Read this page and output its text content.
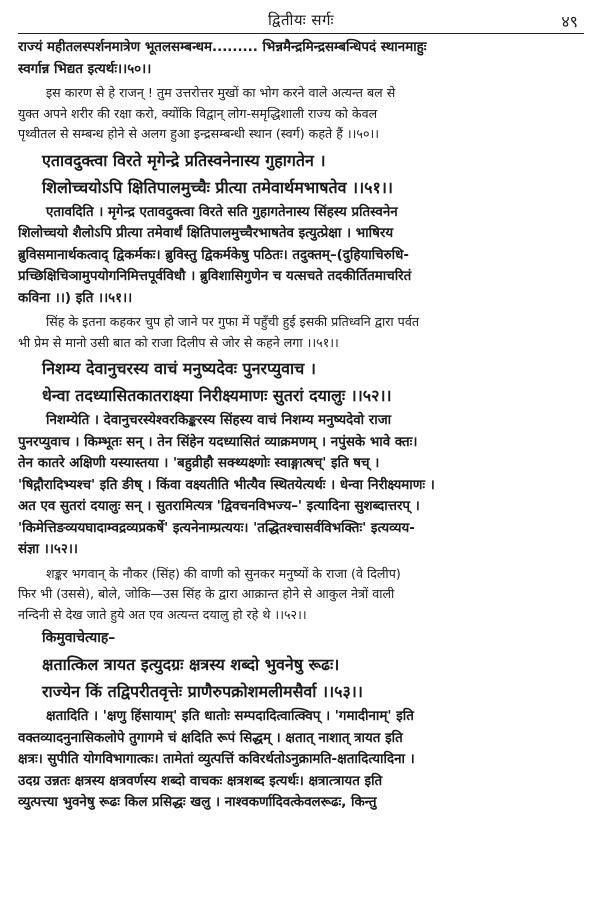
द्वितीयः सर्गः	४९
राज्यं महीतलस्पर्शनमात्रेण भूतलसम्बन्धम......... भिन्नमैन्द्रमिन्द्रसम्बन्धिपदं स्थानमाहुः
स्वर्गान्न भिद्यत इत्यर्थः।।५०।।
इस कारण से हे राजन् ! तुम उत्तरोत्तर मुखों का भोग करने वाले अत्यन्त बल से
युक्त अपने शरीर की रक्षा करो, क्योंकि विद्वान् लोग-समृद्धिशाली राज्य को केवल
पृथ्वीतल से सम्बन्ध होने से अलग हुआ इन्द्रसम्बन्धी स्थान (स्वर्ग) कहते हैं ।।५०।।
एतावदुक्त्वा विरते मृगेन्द्रे प्रतिस्वनेनास्य गुहागतेन ।
शिलोच्चयोऽपि क्षितिपालमुच्चैः प्रीत्या तमेवार्थमभाषतेव ।।५१।।
एतावदिति । मृगेन्द्र एतावदुक्त्वा विरते सति गुहागतेनास्य सिंहस्य प्रतिस्वनेन
शिलोच्चयो शैलोऽपि प्रीत्या तमेवार्थं क्षितिपालमुच्चैरभाषतेव इत्युत्प्रेक्षा । भाषिरय
ब्रुविसमानार्थकत्वाद् द्विकर्मकः। ब्रुविस्तु द्विकर्मकेषु पठितः। तदुक्तम्–(दुहियाचिरुधि-
प्रच्छिक्षिचिञामुपयोगनिमित्तपूर्वविधौ । ब्रुविशासिगुणेन च यत्सचते तदकीर्तितमाचरितं
कविना ।।) इति ।।५१।।
सिंह के इतना कहकर चुप हो जाने पर गुफा में पहुँची हुई इसकी प्रतिध्वनि द्वारा पर्वत
भी प्रेम से मानो उसी बात को राजा दिलीप से जोर से कहने लगा ।।५१।।
निशम्य देवानुचरस्य वाचं मनुष्यदेवः पुनरप्युवाच ।
धेन्वा तदध्यासितकातराक्ष्या निरीक्ष्यमाणः सुतरां दयालुः ।।५२।।
निशम्येति । देवानुचरस्येश्वरकिङ्करस्य सिंहस्य वाचं निशम्य मनुष्यदेवो राजा
पुनरप्युवाच । किम्भूतः सन् । तेन सिंहेन यदध्यासितं व्याक्रमणम् । नपुंसके भावे क्तः।
तेन कातरे अक्षिणी यस्यास्तया । 'बहुव्रीहौ सक्थ्यक्ष्णोः स्वाङ्गात्षच्' इति षच् ।
'षिद्गौरादिभ्यश्च' इति ङीष् । किंवा वक्ष्यतीति भीत्यैव स्थितयेत्यर्थः । धेन्वा निरीक्ष्यमाणः ।
अत एव सुतरां दयालुः सन् । सुतरामित्यत्र 'द्विवचनविभज्य–' इत्यादिना सुशब्दात्तरप् ।
'किमेत्तिङव्ययघादाम्वद्रव्यप्रकर्षे' इत्यनेनाम्प्रत्ययः। 'तद्धितश्चासर्वविभक्तिः' इत्यव्यय-
संज्ञा ।।५२।।
शङ्कर भगवान् के नौकर (सिंह) की वाणी को सुनकर मनुष्यों के राजा (वे दिलीप)
फिर भी (उससे), बोले, जोकि—उस सिंह के द्वारा आक्रान्त होने से आकुल नेत्रों वाली
नन्दिनी से देख जाते हुये अत एव अत्यन्त दयालु हो रहे थे ।।५२।।
किमुवाचेत्याह–
क्षतात्किल त्रायत इत्युदग्रः क्षत्रस्य शब्दो भुवनेषु रूढः।
राज्येन किं तद्विपरीतवृत्तेः प्राणैरुपक्रोशमलीमसैर्वा ।।५३।।
क्षतादिति । 'क्षणु हिंसायाम्' इति धातोः सम्पदादित्वात्क्विप् । 'गमादीनाम्' इति
वक्तव्यादनुनासिकलोपे तुगागमे चं क्षदिति रूपं सिद्धम् । क्षतात् नाशात् त्रायत इति
क्षत्रः। सुपीति योगविभागात्कः। तामेतां व्युत्पत्तिं कविरर्थतोऽनुक्रामति-क्षतादित्यादिना ।
उदग्र उन्नतः क्षत्रस्य क्षत्रवर्णस्य शब्दो वाचकः क्षत्रशब्द इत्यर्थः। क्षत्रात्त्रायत इति
व्युत्पत्त्या भुवनेषु रूढः किल प्रसिद्धः खलु । नाश्वकर्णादिवत्केवलरूढः, किन्तु
